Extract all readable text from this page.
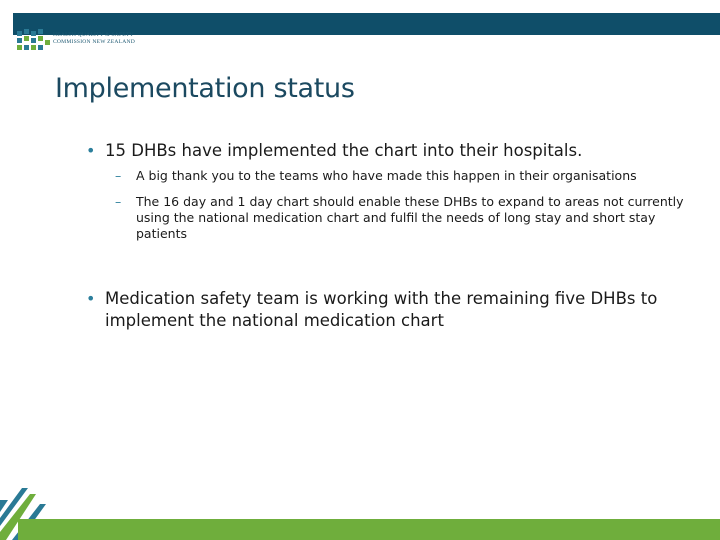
HEALTH QUALITY & SAFETY COMMISSION NEW ZEALAND
Implementation status
• 15 DHBs have implemented the chart into their hospitals.
–	A big thank you to the teams who have made this happen in their organisations
–	The 16 day and 1 day chart should enable these DHBs to expand to areas not currently using the national medication chart and fulfil the needs of long stay and short stay patients
• Medication safety team is working with the remaining five DHBs to implement the national medication chart
